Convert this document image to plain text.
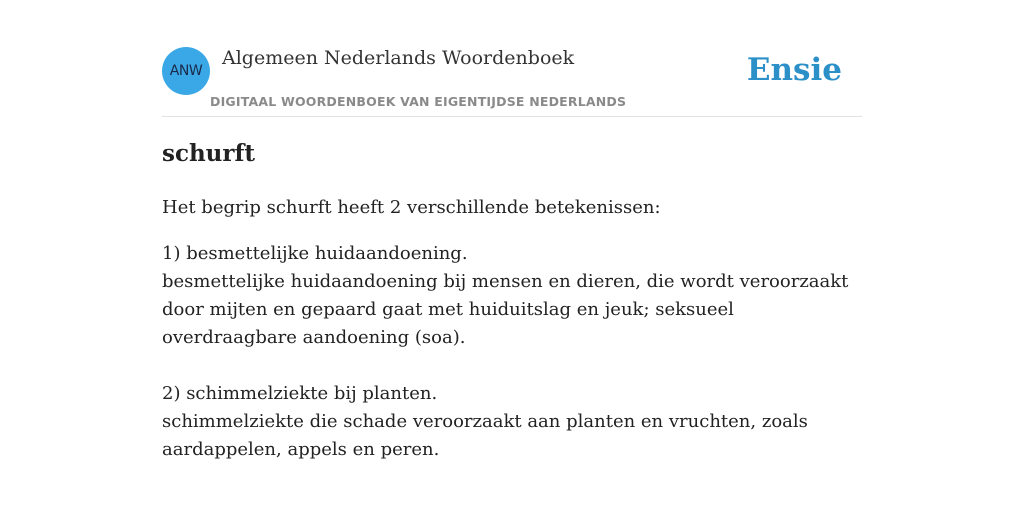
ANW
Algemeen Nederlands Woordenboek
DIGITAAL WOORDENBOEK VAN EIGENTIJDSE NEDERLANDS
Ensie
schurft

Het begrip schurft heeft 2 verschillende betekenissen:

1) besmettelijke huidaandoening.

besmettelijke huidaandoening bij mensen en dieren, die wordt veroorzaakt door mijten en gepaard gaat met huiduitslag en jeuk; seksueel overdraagbare aandoening (soa).

2) schimmelziekte bij planten.

schimmelziekte die schade veroorzaakt aan planten en vruchten, zoals aardappelen, appels en peren.
